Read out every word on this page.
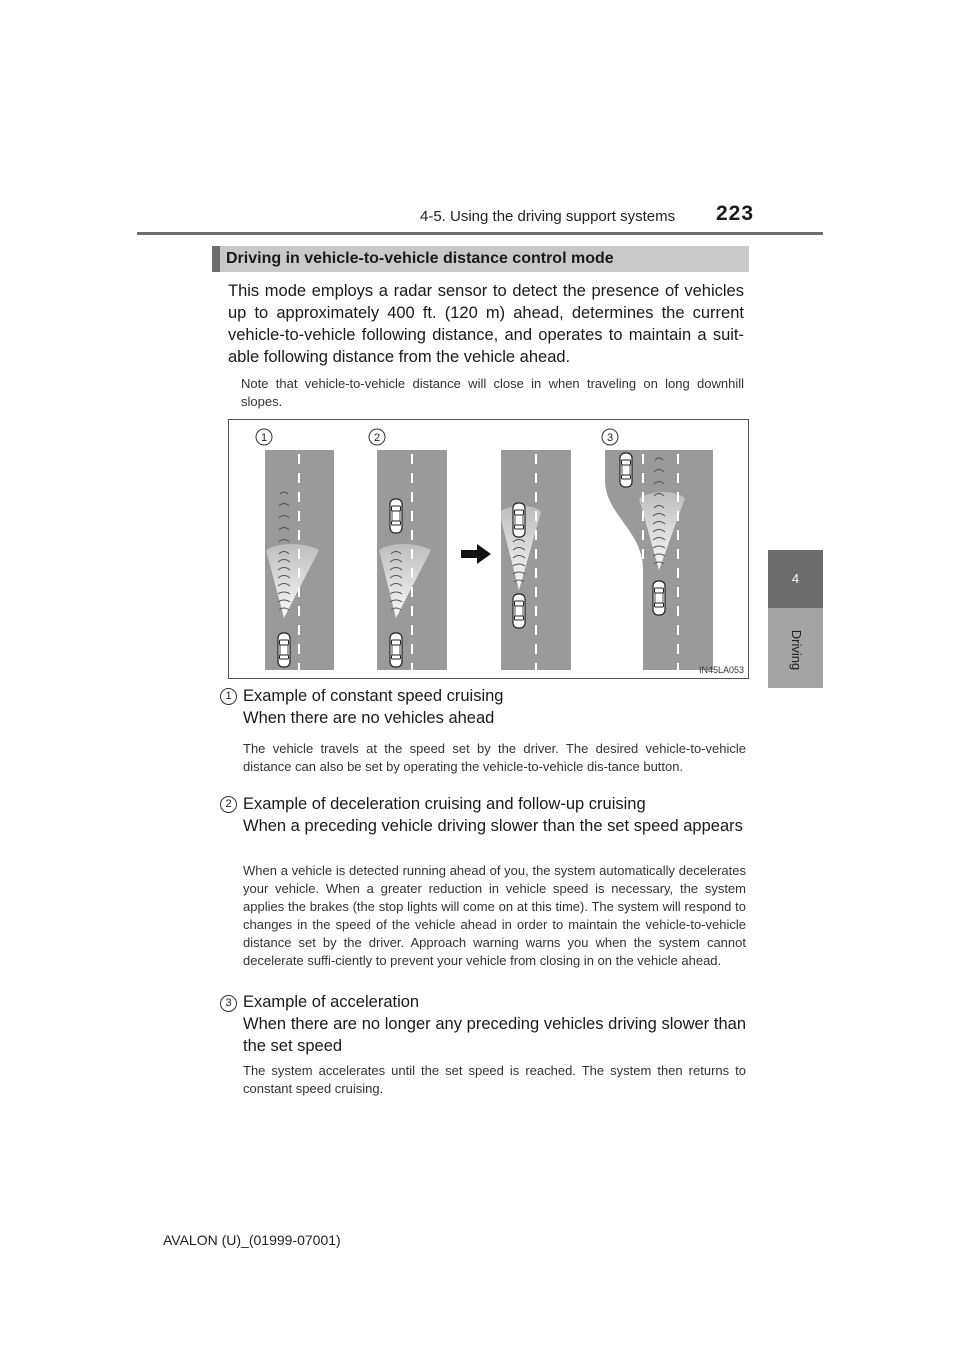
4-5. Using the driving support systems 223
4
Driving
Driving in vehicle-to-vehicle distance control mode
This mode employs a radar sensor to detect the presence of vehicles up to approximately 400 ft. (120 m) ahead, determines the current vehicle-to-vehicle following distance, and operates to maintain a suit-able following distance from the vehicle ahead.
Note that vehicle-to-vehicle distance will close in when traveling on long downhill slopes.
1	2	3
IN45LA053
1 Example of constant speed cruising
When there are no vehicles ahead
The vehicle travels at the speed set by the driver. The desired vehicle-to-vehicle distance can also be set by operating the vehicle-to-vehicle dis-tance button.
2 Example of deceleration cruising and follow-up cruising
When a preceding vehicle driving slower than the set speed appears
When a vehicle is detected running ahead of you, the system automatically decelerates your vehicle. When a greater reduction in vehicle speed is necessary, the system applies the brakes (the stop lights will come on at this time). The system will respond to changes in the speed of the vehicle ahead in order to maintain the vehicle-to-vehicle distance set by the driver. Approach warning warns you when the system cannot decelerate suffi-ciently to prevent your vehicle from closing in on the vehicle ahead.
3 Example of acceleration
When there are no longer any preceding vehicles driving slower than the set speed
The system accelerates until the set speed is reached. The system then returns to constant speed cruising.
AVALON (U)_(01999-07001)
